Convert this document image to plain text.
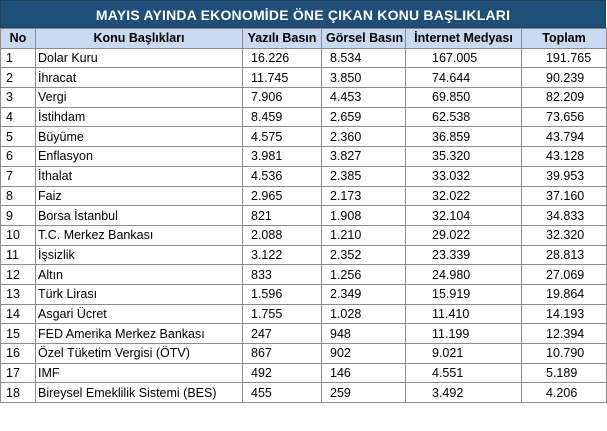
MAYIS AYINDA EKONOMİDE ÖNE ÇIKAN KONU BAŞLIKLARI
No	Konu Başlıkları	Yazılı Basın	Görsel Basın	İnternet Medyası	Toplam
1	Dolar Kuru	16.226	8.534	167.005	191.765
2	İhracat	11.745	3.850	74.644	90.239
3	Vergi	7.906	4.453	69.850	82.209
4	İstihdam	8.459	2.659	62.538	73.656
5	Büyüme	4.575	2.360	36.859	43.794
6	Enflasyon	3.981	3.827	35.320	43.128
7	İthalat	4.536	2.385	33.032	39.953
8	Faiz	2.965	2.173	32.022	37.160
9	Borsa İstanbul	821	1.908	32.104	34.833
10	T.C. Merkez Bankası	2.088	1.210	29.022	32.320
11	İşsizlik	3.122	2.352	23.339	28.813
12	Altın	833	1.256	24.980	27.069
13	Türk Lirası	1.596	2.349	15.919	19.864
14	Asgari Ücret	1.755	1.028	11.410	14.193
15	FED Amerika Merkez Bankası	247	948	11.199	12.394
16	Özel Tüketim Vergisi (ÖTV)	867	902	9.021	10.790
17	IMF	492	146	4.551	5.189
18	Bireysel Emeklilik Sistemi (BES)	455	259	3.492	4.206
